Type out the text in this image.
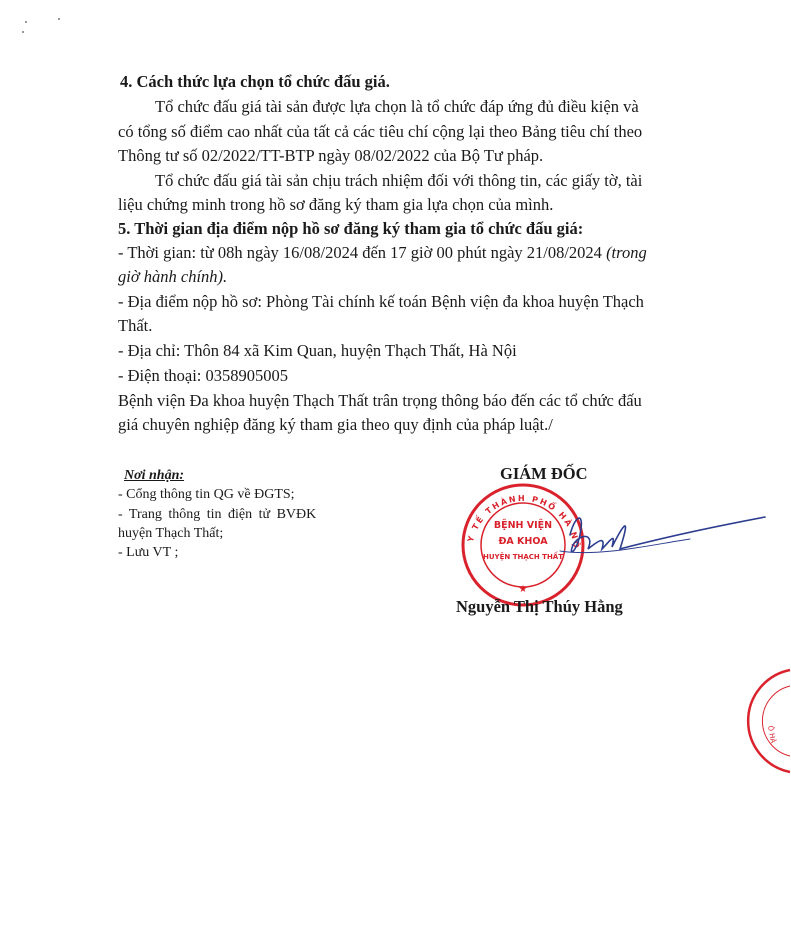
4. Cách thức lựa chọn tổ chức đấu giá.
Tổ chức đấu giá tài sản được lựa chọn là tổ chức đáp ứng đủ điều kiện và
có tổng số điểm cao nhất của tất cả các tiêu chí cộng lại theo Bảng tiêu chí theo
Thông tư số 02/2022/TT-BTP ngày 08/02/2022 của Bộ Tư pháp.
Tổ chức đấu giá tài sản chịu trách nhiệm đối với thông tin, các giấy tờ, tài
liệu chứng minh trong hồ sơ đăng ký tham gia lựa chọn của mình.
5. Thời gian địa điểm nộp hồ sơ đăng ký tham gia tổ chức đấu giá:
- Thời gian: từ 08h ngày 16/08/2024 đến 17 giờ 00 phút ngày 21/08/2024 (trong
giờ hành chính).
- Địa điểm nộp hồ sơ: Phòng Tài chính kế toán Bệnh viện đa khoa huyện Thạch
Thất.
- Địa chỉ: Thôn 84 xã Kim Quan, huyện Thạch Thất, Hà Nội
- Điện thoại: 0358905005
Bệnh viện Đa khoa huyện Thạch Thất trân trọng thông báo đến các tổ chức đấu
giá chuyên nghiệp đăng ký tham gia theo quy định của pháp luật./
Nơi nhận:
- Cổng thông tin QG về ĐGTS;
- Trang thông tin điện tử BVĐK
huyện Thạch Thất;
- Lưu VT ;
GIÁM ĐỐC
Y TẾ THÀNH PHỐ HÀ NỘI
★
BỆNH VIỆN
ĐA KHOA
HUYỆN THẠCH THẤT
Nguyễn Thị Thúy Hằng
Ô HÀ
